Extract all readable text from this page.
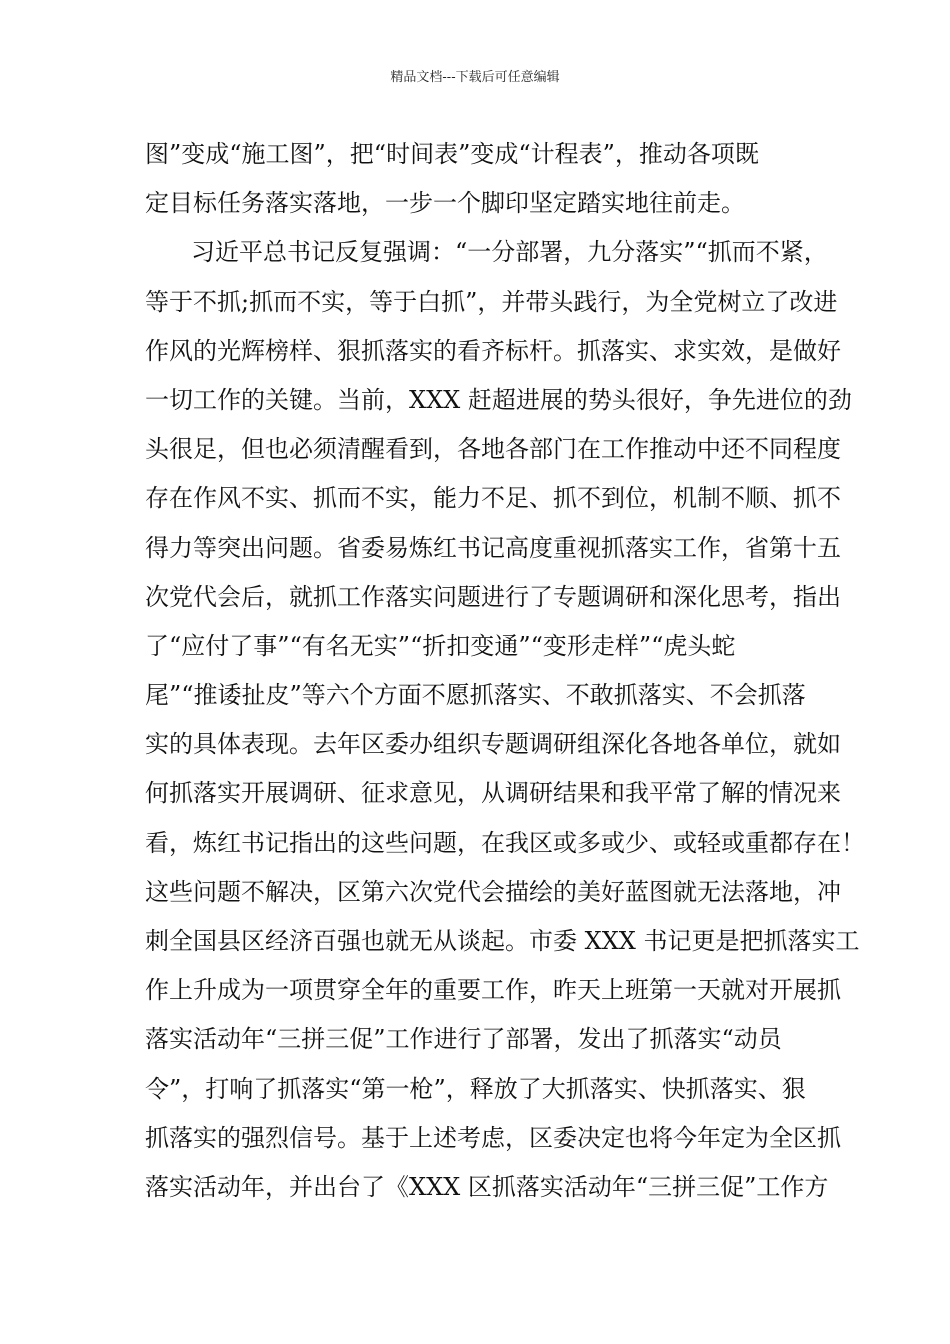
精品文档---下载后可任意编辑
图”变成“施工图”，把“时间表”变成“计程表”，推动各项既
定目标任务落实落地，一步一个脚印坚定踏实地往前走。
习近平总书记反复强调：“一分部署，九分落实”“抓而不紧，
等于不抓;抓而不实，等于白抓”，并带头践行，为全党树立了改进
作风的光辉榜样、狠抓落实的看齐标杆。抓落实、求实效，是做好
一切工作的关键。当前，XXX 赶超进展的势头很好，争先进位的劲
头很足，但也必须清醒看到，各地各部门在工作推动中还不同程度
存在作风不实、抓而不实，能力不足、抓不到位，机制不顺、抓不
得力等突出问题。省委易炼红书记高度重视抓落实工作，省第十五
次党代会后，就抓工作落实问题进行了专题调研和深化思考，指出
了“应付了事”“有名无实”“折扣变通”“变形走样”“虎头蛇
尾”“推诿扯皮”等六个方面不愿抓落实、不敢抓落实、不会抓落
实的具体表现。去年区委办组织专题调研组深化各地各单位，就如
何抓落实开展调研、征求意见，从调研结果和我平常了解的情况来
看，炼红书记指出的这些问题，在我区或多或少、或轻或重都存在！
这些问题不解决，区第六次党代会描绘的美好蓝图就无法落地，冲
刺全国县区经济百强也就无从谈起。市委 XXX 书记更是把抓落实工
作上升成为一项贯穿全年的重要工作，昨天上班第一天就对开展抓
落实活动年“三拼三促”工作进行了部署，发出了抓落实“动员
令”，打响了抓落实“第一枪”，释放了大抓落实、快抓落实、狠
抓落实的强烈信号。基于上述考虑，区委决定也将今年定为全区抓
落实活动年，并出台了《XXX 区抓落实活动年“三拼三促”工作方
